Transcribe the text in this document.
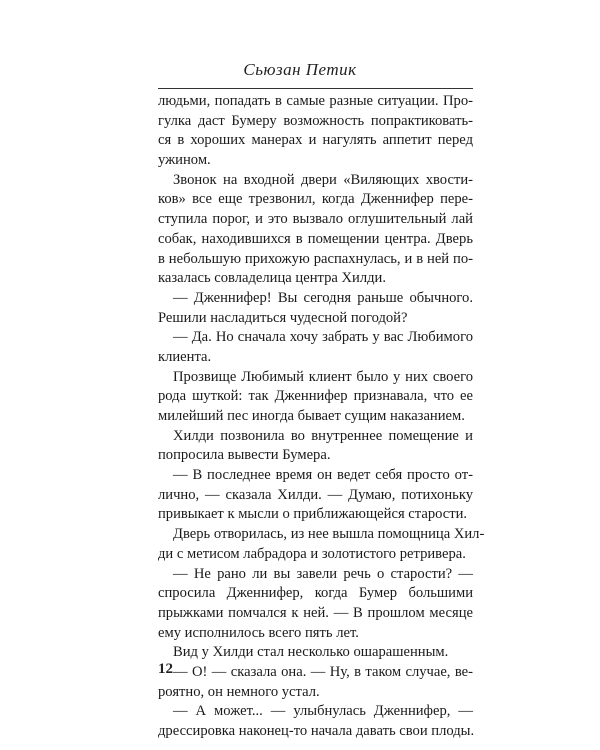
Сьюзан Петик
людьми, попадать в самые разные ситуации. Про-
гулка даст Бумеру возможность попрактиковать-
ся в хороших манерах и нагулять аппетит перед
ужином.
Звонок на входной двери «Виляющих хвости-
ков» все еще трезвонил, когда Дженнифер пере-
ступила порог, и это вызвало оглушительный лай
собак, находившихся в помещении центра. Дверь
в небольшую прихожую распахнулась, и в ней по-
казалась совладелица центра Хилди.
— Дженнифер! Вы сегодня раньше обычного.
Решили насладиться чудесной погодой?
— Да. Но сначала хочу забрать у вас Любимого
клиента.
Прозвище Любимый клиент было у них своего
рода шуткой: так Дженнифер признавала, что ее
милейший пес иногда бывает сущим наказанием.
Хилди позвонила во внутреннее помещение и
попросила вывести Бумера.
— В последнее время он ведет себя просто от-
лично, — сказала Хилди. — Думаю, потихоньку
привыкает к мысли о приближающейся старости.
Дверь отворилась, из нее вышла помощница Хил-
ди с метисом лабрадора и золотистого ретривера.
— Не рано ли вы завели речь о старости? —
спросила Дженнифер, когда Бумер большими
прыжками помчался к ней. — В прошлом месяце
ему исполнилось всего пять лет.
Вид у Хилди стал несколько ошарашенным.
— О! — сказала она. — Ну, в таком случае, ве-
роятно, он немного устал.
— А может... — улыбнулась Дженнифер, —
дрессировка наконец-то начала давать свои плоды.
12
